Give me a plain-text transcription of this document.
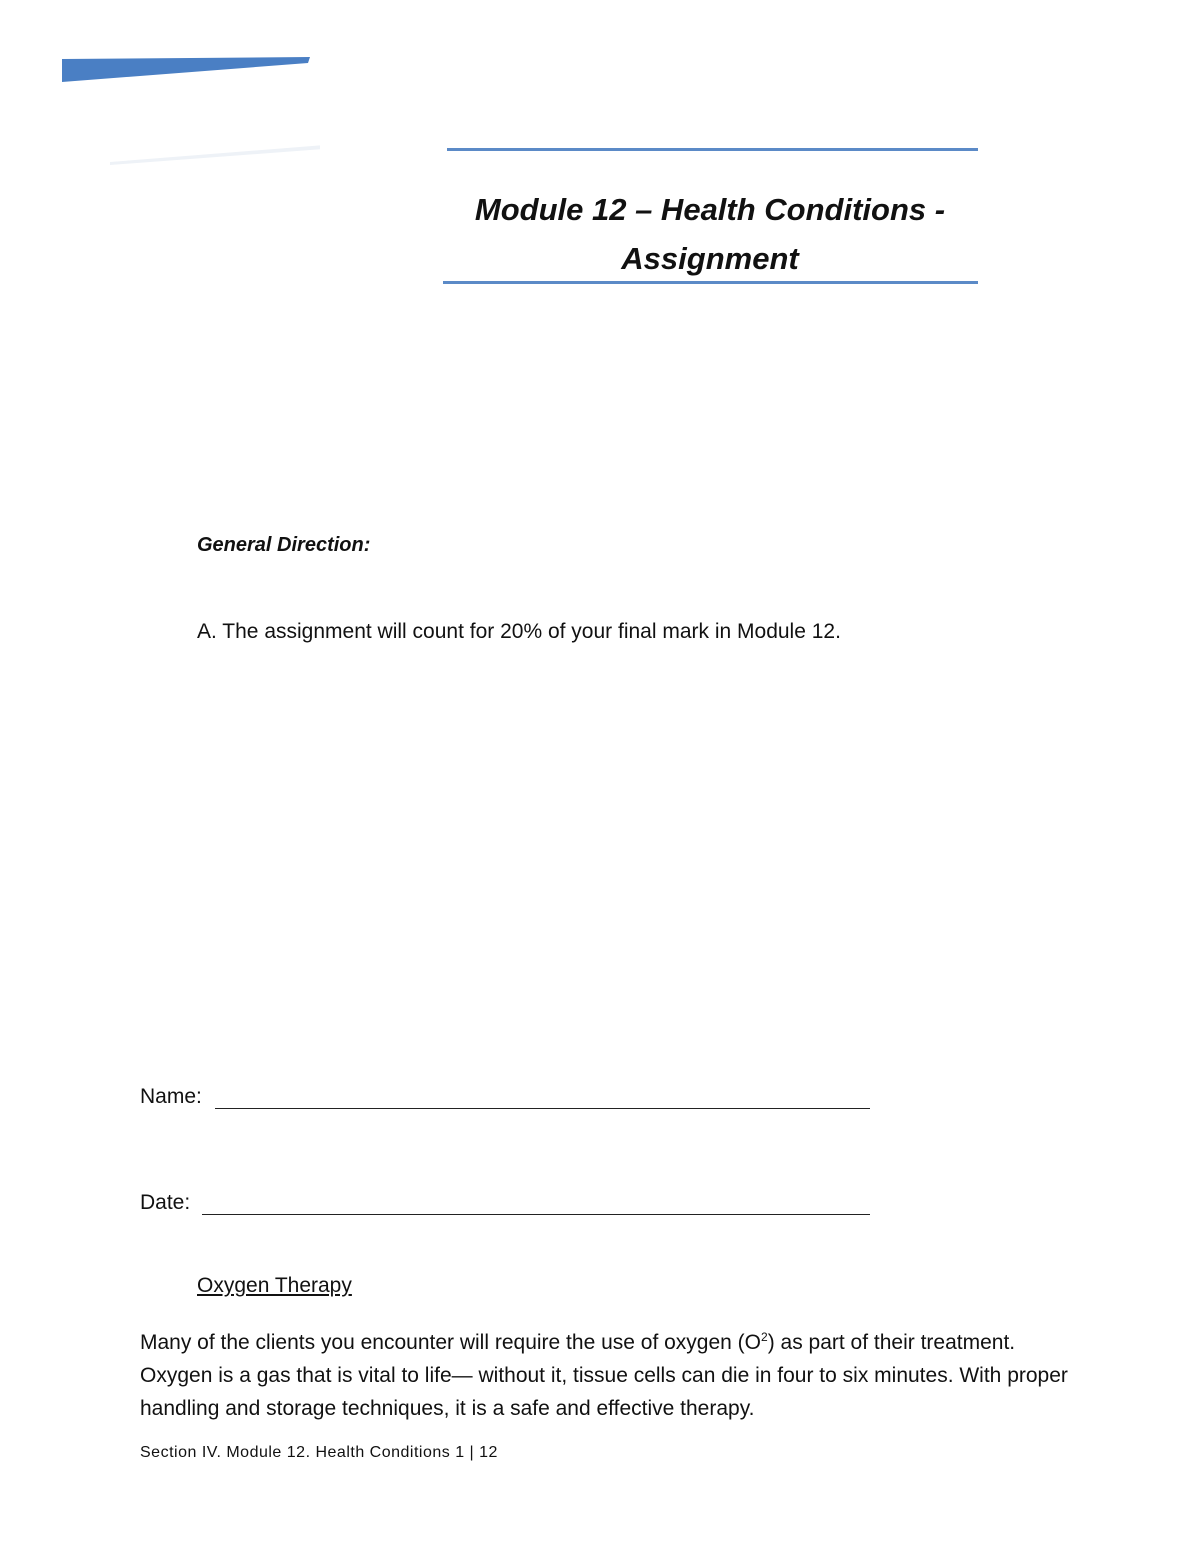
Module 12 – Health Conditions -
Assignment
General Direction:
A. The assignment will count for 20% of your final mark in Module 12.
Name:
Date:
Oxygen Therapy

Many of the clients you encounter will require the use of oxygen $(O^2)$ as part of their treatment. Oxygen is a gas that is vital to life— without it, tissue cells can die in four to six minutes. With proper handling and storage techniques, it is a safe and effective therapy.

Section IV. Module 12. Health Conditions 1 | 12
